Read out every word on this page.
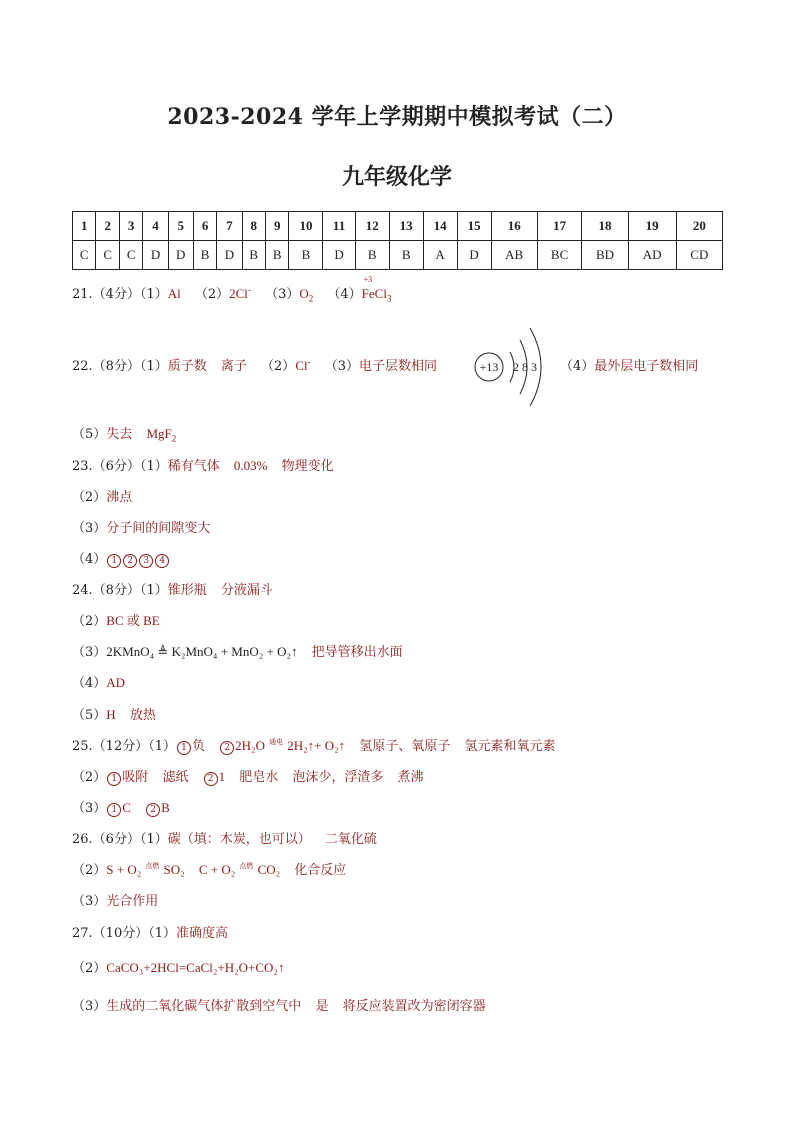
2023-2024 学年上学期期中模拟考试（二）
九年级化学
1	2	3	4	5	6	7	8	9	10	11	12	13	14	15	16	17	18	19	20
C	C	C	D	D	B	D	B	B	B	D	B	B	A	D	AB	BC	BD	AD	CD
21.（4分）（1）Al （2）2Cl- $(3)O_2$ （4）
+3
FeCl$_3$
22.（8分）（1）质子数 离子 （2）Cl- （3）电子层数相同	+13 2 8 3 （4）最外层电子数相同
（5）失去 MgF$_2$
23.（6分）（1）稀有气体 0.03% 物理变化
（2）沸点
（3）分子间的间隙变大
（4） 1 2 3 4
24.（8分）（1）锥形瓶 分液漏斗
（2）BC 或 BE
（3）2KMnO₄ ≜ K₂MnO₄ + MnO₂ + O₂↑ 把导管移出水面
（4）AD
（5）H 放热
25.（12分）（1） 1 负 2 2H₂O $^{通电}$ 2H₂↑+ O₂↑ 氢原子、氧原子 氢元素和氧元素
（2） 1 吸附 滤纸 2 1 肥皂水 泡沫少，浮渣多 煮沸
（3） 1 C 2 B
26.（6分）（1）碳（填：木炭，也可以） 二氧化硫
（2）S + O₂ $^{点燃}$ SO₂ C + O₂ $^{点燃}$ CO₂ 化合反应
（3）光合作用
27.（10分）（1）准确度高
（2）CaCO₃+2HCl=CaCl₂+H₂O+CO₂↑
（3）生成的二氧化碳气体扩散到空气中 是 将反应装置改为密闭容器
